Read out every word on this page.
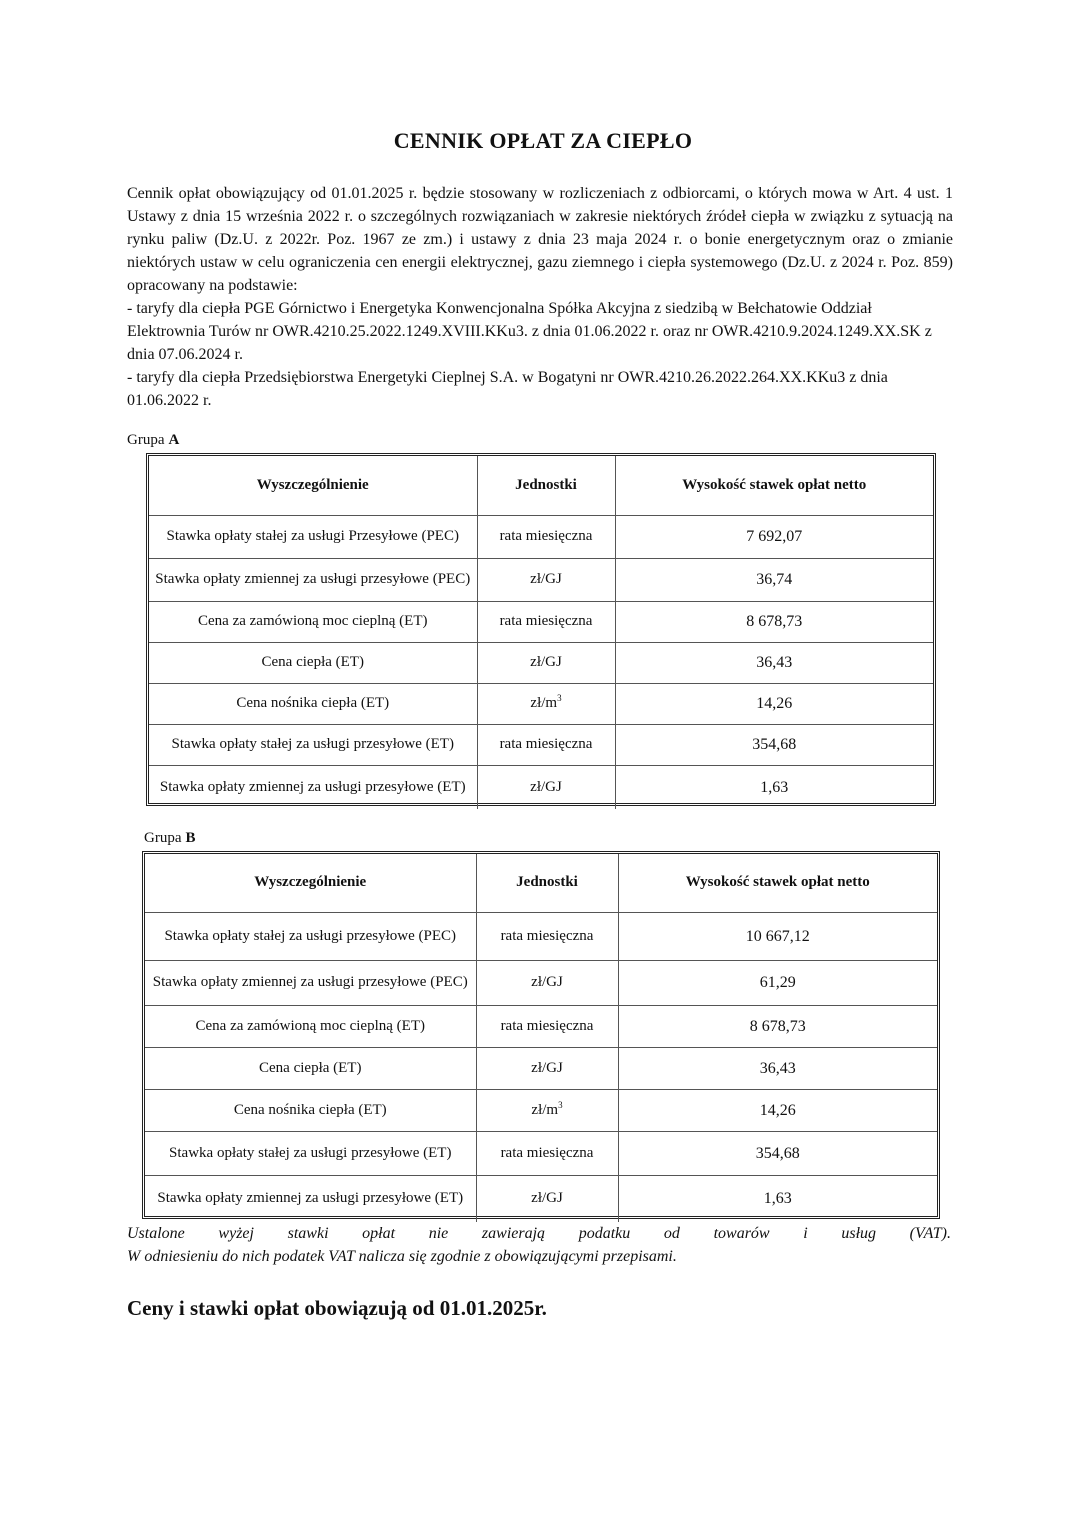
CENNIK OPŁAT ZA CIEPŁO

Cennik opłat obowiązujący od 01.01.2025 r. będzie stosowany w rozliczeniach z odbiorcami, o których mowa w Art. 4 ust. 1 Ustawy z dnia 15 września 2022 r. o szczególnych rozwiązaniach w zakresie niektórych źródeł ciepła w związku z sytuacją na rynku paliw (Dz.U. z 2022r. Poz. 1967 ze zm.) i ustawy z dnia 23 maja 2024 r. o bonie energetycznym oraz o zmianie niektórych ustaw w celu ograniczenia cen energii elektrycznej, gazu ziemnego i ciepła systemowego (Dz.U. z 2024 r. Poz. 859) opracowany na podstawie:

- taryfy dla ciepła PGE Górnictwo i Energetyka Konwencjonalna Spółka Akcyjna z siedzibą w Bełchatowie Oddział Elektrownia Turów nr OWR.4210.25.2022.1249.XVIII.KKu3. z dnia 01.06.2022 r. oraz nr OWR.4210.9.2024.1249.XX.SK z dnia 07.06.2024 r.

- taryfy dla ciepła Przedsiębiorstwa Energetyki Cieplnej S.A. w Bogatyni nr OWR.4210.26.2022.264.XX.KKu3 z dnia 01.06.2022 r.

Grupa A
Wyszczególnienie	Jednostki	Wysokość stawek opłat netto
Stawka opłaty stałej za usługi Przesyłowe (PEC)	rata miesięczna	7 692,07
Stawka opłaty zmiennej za usługi przesyłowe (PEC)	zł/GJ	36,74
Cena za zamówioną moc cieplną (ET)	rata miesięczna	8 678,73
Cena ciepła (ET)	zł/GJ	36,43
Cena nośnika ciepła (ET)	$zł/m^3$	14,26
Stawka opłaty stałej za usługi przesyłowe (ET)	rata miesięczna	354,68
Stawka opłaty zmiennej za usługi przesyłowe (ET)	zł/GJ	1,63
Grupa B
Wyszczególnienie	Jednostki	Wysokość stawek opłat netto
Stawka opłaty stałej za usługi przesyłowe (PEC)	rata miesięczna	10 667,12
Stawka opłaty zmiennej za usługi przesyłowe (PEC)	zł/GJ	61,29
Cena za zamówioną moc cieplną (ET)	rata miesięczna	8 678,73
Cena ciepła (ET)	zł/GJ	36,43
Cena nośnika ciepła (ET)	$zł/m^3$	14,26
Stawka opłaty stałej za usługi przesyłowe (ET)	rata miesięczna	354,68
Stawka opłaty zmiennej za usługi przesyłowe (ET)	zł/GJ	1,63
Ustalone wyżej stawki opłat nie zawierają podatku od towarów i usług (VAT).
W odniesieniu do nich podatek VAT nalicza się zgodnie z obowiązującymi przepisami.
Ceny i stawki opłat obowiązują od 01.01.2025r.
